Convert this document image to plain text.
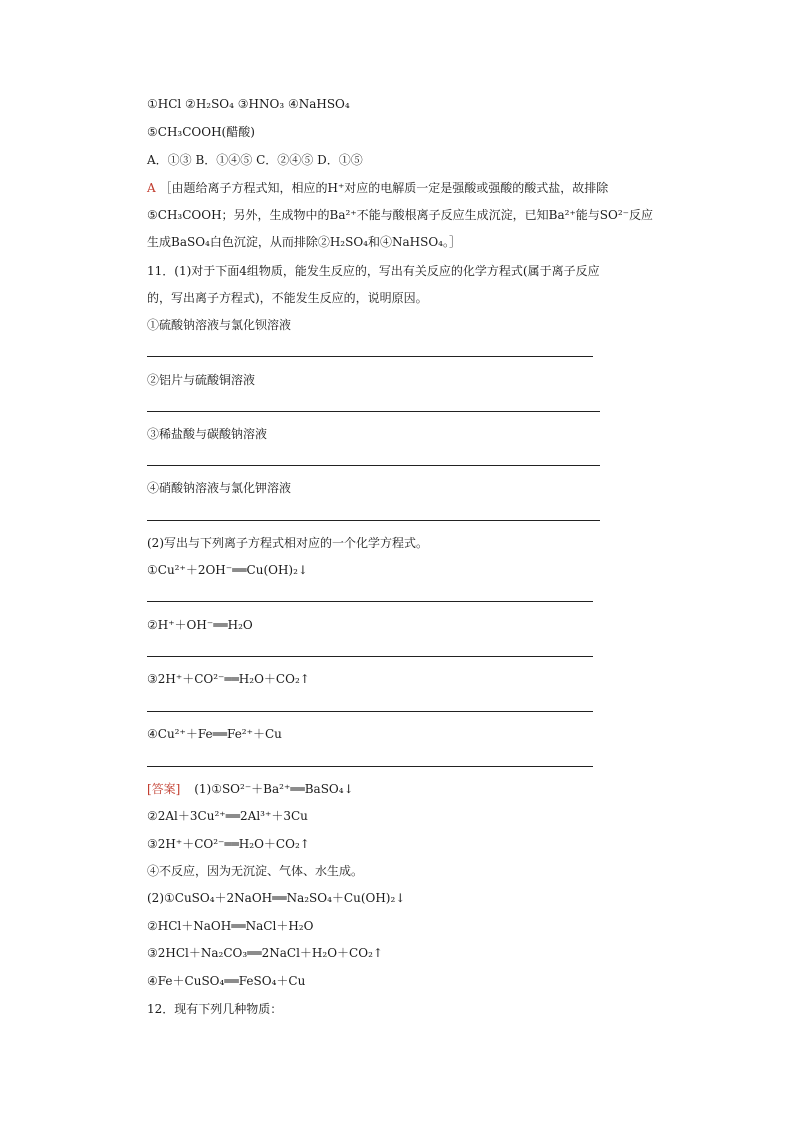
①HCl ②H₂SO₄ ③HNO₃ ④NaHSO₄
⑤CH₃COOH(醋酸)
A．①③ B．①④⑤ C．②④⑤ D．①⑤
A ［由题给离子方程式知，相应的H⁺对应的电解质一定是强酸或强酸的酸式盐，故排除
⑤CH₃COOH；另外，生成物中的Ba²⁺不能与酸根离子反应生成沉淀，已知Ba²⁺能与SO²⁻反应
生成BaSO₄白色沉淀，从而排除②H₂SO₄和④NaHSO₄。］
11．(1)对于下面4组物质，能发生反应的，写出有关反应的化学方程式(属于离子反应
的，写出离子方程式)，不能发生反应的，说明原因。
①硫酸钠溶液与氯化钡溶液
②铝片与硫酸铜溶液
③稀盐酸与碳酸钠溶液
④硝酸钠溶液与氯化钾溶液
(2)写出与下列离子方程式相对应的一个化学方程式。
①Cu²⁺＋2OH⁻══Cu(OH)₂↓
②H⁺＋OH⁻══H₂O
③2H⁺＋CO²⁻══H₂O＋CO₂↑
④Cu²⁺＋Fe══Fe²⁺＋Cu
[答案] (1)①SO²⁻＋Ba²⁺══BaSO₄↓
②2Al＋3Cu²⁺══2Al³⁺＋3Cu
③2H⁺＋CO²⁻══H₂O＋CO₂↑
④不反应，因为无沉淀、气体、水生成。
(2)①CuSO₄＋2NaOH══Na₂SO₄＋Cu(OH)₂↓
②HCl＋NaOH══NaCl＋H₂O
③2HCl＋Na₂CO₃══2NaCl＋H₂O＋CO₂↑
④Fe＋CuSO₄══FeSO₄＋Cu
12．现有下列几种物质：
